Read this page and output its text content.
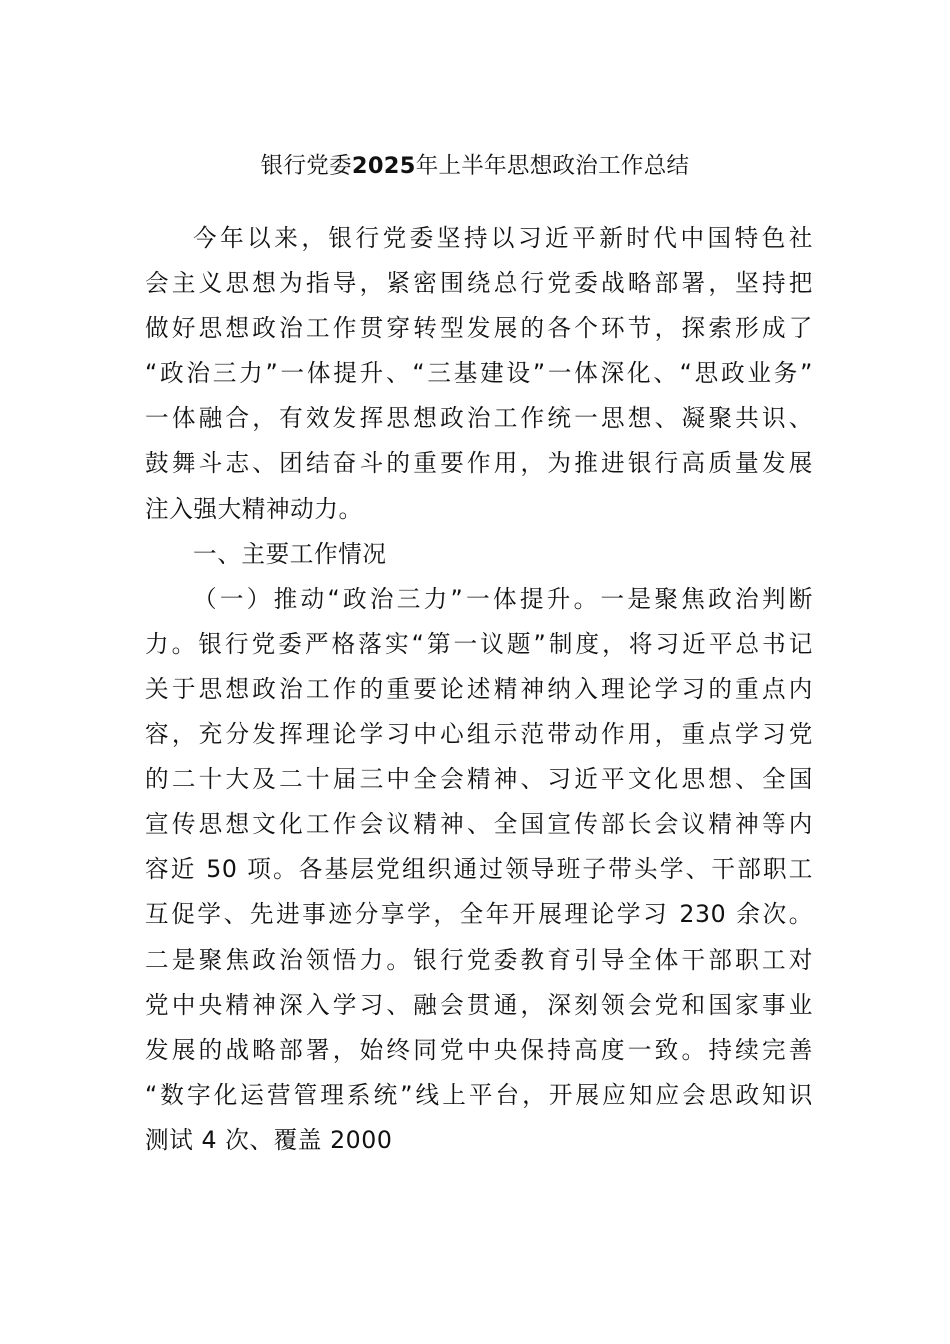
银行党委2025年上半年思想政治工作总结
今年以来，银行党委坚持以习近平新时代中国特色社
会主义思想为指导，紧密围绕总行党委战略部署，坚持把
做好思想政治工作贯穿转型发展的各个环节，探索形成了
“政治三力”一体提升、“三基建设”一体深化、“思政业务”
一体融合，有效发挥思想政治工作统一思想、凝聚共识、
鼓舞斗志、团结奋斗的重要作用，为推进银行高质量发展
注入强大精神动力。
一、主要工作情况
（一）推动“政治三力”一体提升。一是聚焦政治判断
力。银行党委严格落实“第一议题”制度，将习近平总书记
关于思想政治工作的重要论述精神纳入理论学习的重点内
容，充分发挥理论学习中心组示范带动作用，重点学习党
的二十大及二十届三中全会精神、习近平文化思想、全国
宣传思想文化工作会议精神、全国宣传部长会议精神等内
容近 50 项。各基层党组织通过领导班子带头学、干部职工
互促学、先进事迹分享学，全年开展理论学习 230 余次。
二是聚焦政治领悟力。银行党委教育引导全体干部职工对
党中央精神深入学习、融会贯通，深刻领会党和国家事业
发展的战略部署，始终同党中央保持高度一致。持续完善
“数字化运营管理系统”线上平台，开展应知应会思政知识
测试 4 次、覆盖 2000
